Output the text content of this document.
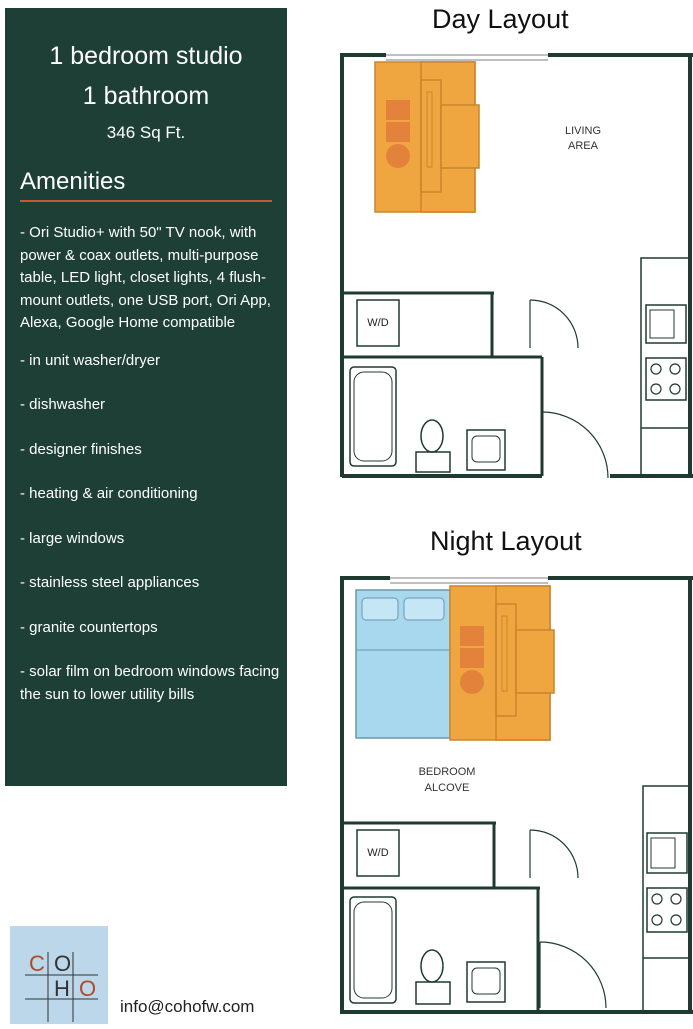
1 bedroom studio
1 bathroom
346 Sq Ft.
Amenities

- Ori Studio+ with 50" TV nook, with power & coax outlets, multi-purpose table, LED light, closet lights, 4 flush-mount outlets, one USB port, Ori App, Alexa, Google Home compatible

- in unit washer/dryer

- dishwasher

- designer finishes

- heating & air conditioning

- large windows

- stainless steel appliances

- granite countertops

- solar film on bedroom windows facing the sun to lower utility bills

Day Layout
LIVING
AREA
W/D
Night Layout
BEDROOM
ALCOVE
W/D
C O
H O
info@cohofw.com
